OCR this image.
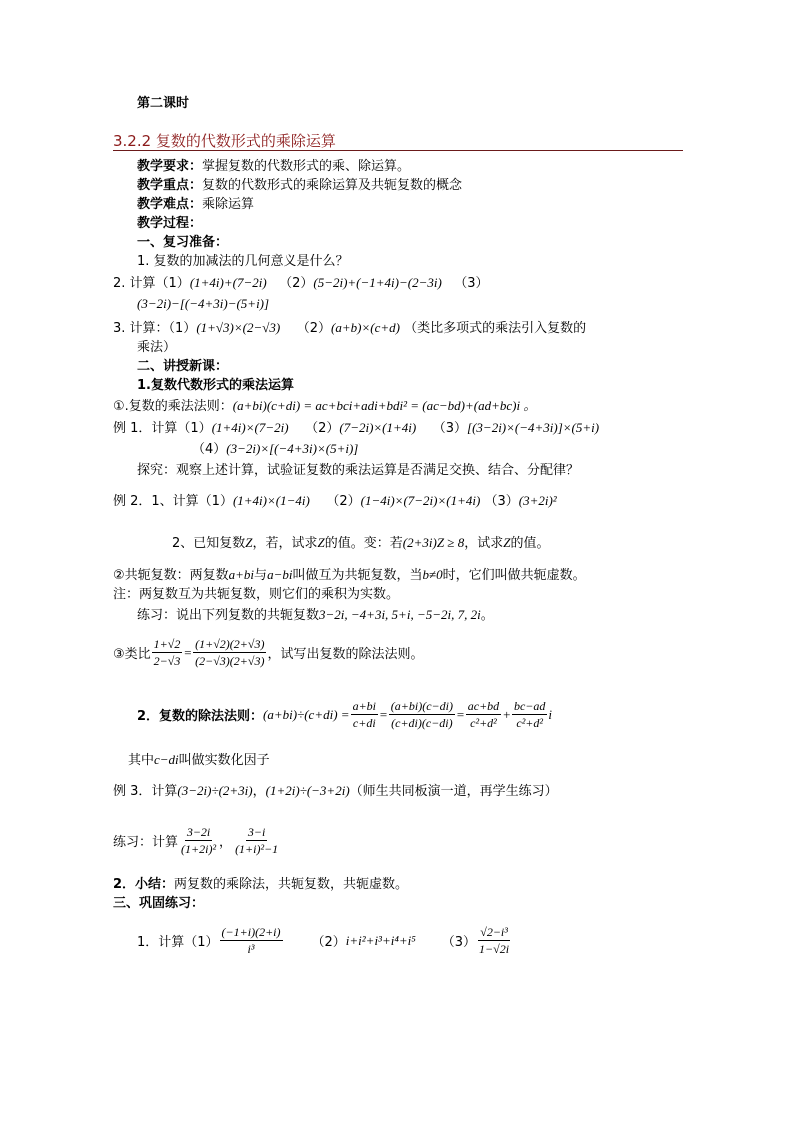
第二课时
3.2.2 复数的代数形式的乘除运算
教学要求：掌握复数的代数形式的乘、除运算。
教学重点：复数的代数形式的乘除运算及共轭复数的概念
教学难点：乘除运算
教学过程：
一、复习准备：
1. 复数的加减法的几何意义是什么？
2. 计算（1）(1+4i)+(7−2i) （2）(5−2i)+(−1+4i)−(2−3i) （3）
(3−2i)−[(−4+3i)−(5+i)]
3. 计算：（1）(1+√3)×(2−√3) （2）(a+b)×(c+d) （类比多项式的乘法引入复数的
乘法）
二、讲授新课：
1.复数代数形式的乘法运算
①.复数的乘法法则：(a+bi)(c+di) = ac+bci+adi+bdi² = (ac−bd)+(ad+bc)i 。
例 1．计算（1）(1+4i)×(7−2i) （2）(7−2i)×(1+4i) （3）[(3−2i)×(−4+3i)]×(5+i)
（4）(3−2i)×[(−4+3i)×(5+i)]
探究：观察上述计算，试验证复数的乘法运算是否满足交换、结合、分配律？
例 2．1、计算（1）(1+4i)×(1−4i) （2）(1−4i)×(7−2i)×(1+4i) （3）(3+2i)²
2、已知复数Z，若，试求Z的值。变：若(2+3i)Z ≥ 8，试求Z的值。
②共轭复数：两复数a+bi与a−bi叫做互为共轭复数，当b≠0时，它们叫做共轭虚数。
注：两复数互为共轭复数，则它们的乘积为实数。
练习：说出下列复数的共轭复数3−2i, −4+3i, 5+i, −5−2i, 7, 2i。
③类比 $\frac{1+√2}{2-√3} = \frac{(1+√2)(2+√3)}{(2-√3)(2+√3)}$ ，试写出复数的除法法则。
2．复数的除法法则： $(a+bi)\div(c+di) = \frac{a+bi}{c+di} = \frac{(a+bi)(c-di)}{(c+di)(c-di)} = \frac{ac+bd}{\text{c²+d²}} + \frac{bc-ad}{\text{c²+d²}}$ i
其中c−di叫做实数化因子
例 3．计算(3−2i)÷(2+3i)，(1+2i)÷(−3+2i)（师生共同板演一道，再学生练习）
练习：计算 $\frac{3-2i}{\text{(1+2i)²}}$ ， $\frac{3-i}{\text{(1+i)²−1}}$
2．小结：两复数的乘除法，共轭复数，共轭虚数。
三、巩固练习：
1．计算$(1) \frac{(-1+i)(2+i)}{\text{i³}} (2)$ i+i²+i³+i⁴+i⁵ $(3) \frac{\text{√2−i³}}{1-√2i}$
